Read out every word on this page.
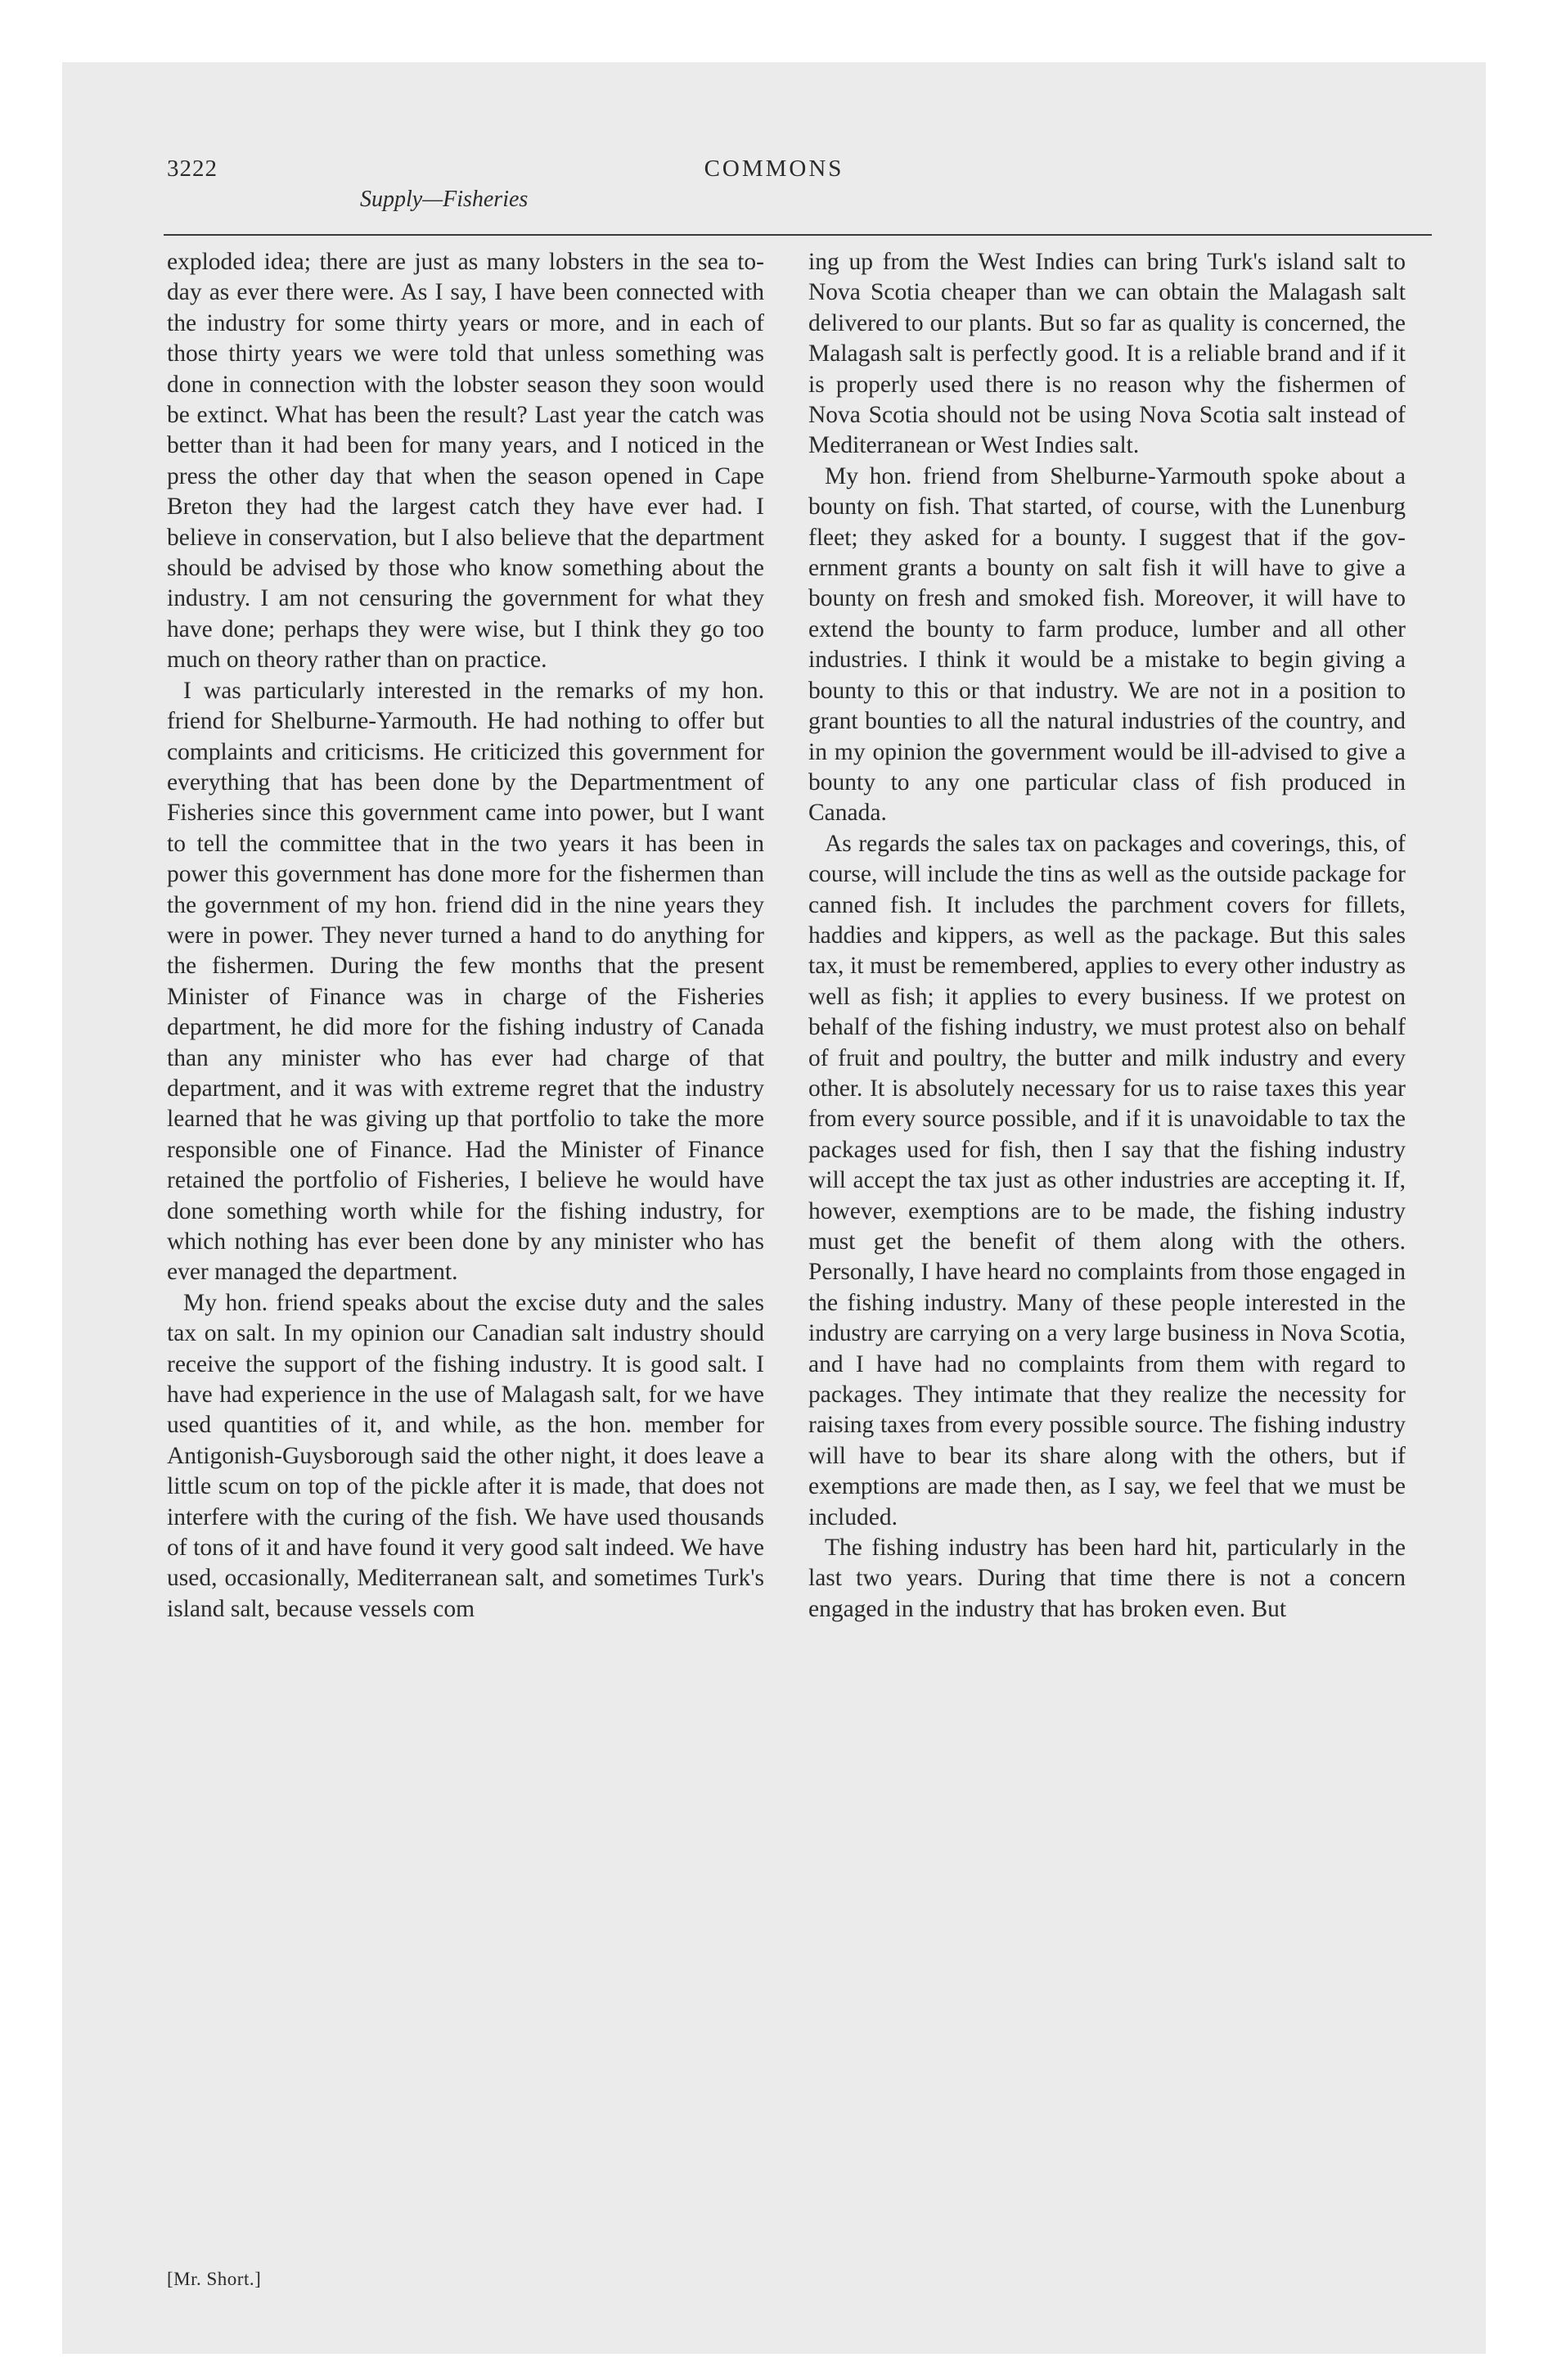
3222	COMMONS
Supply—Fisheries

exploded idea; there are just as many lobsters in the sea to-day as ever there were. As I say, I have been connected with the industry for some thirty years or more, and in each of those thirty years we were told that unless something was done in connection with the lobster season they soon would be extinct. What has been the result? Last year the catch was better than it had been for many years, and I noticed in the press the other day that when the season opened in Cape Breton they had the largest catch they have ever had. I believe in conservation, but I also believe that the department should be advised by those who know something about the industry. I am not censuring the government for what they have done; perhaps they were wise, but I think they go too much on theory rather than on practice.

I was particularly interested in the remarks of my hon. friend for Shelburne-Yarmouth. He had nothing to offer but complaints and criticisms. He criticized this government for everything that has been done by the Departmentment of Fisheries since this government came into power, but I want to tell the committee that in the two years it has been in power this government has done more for the fishermen than the government of my hon. friend did in the nine years they were in power. They never turned a hand to do anything for the fishermen. During the few months that the present Minister of Finance was in charge of the Fisheries department, he did more for the fishing industry of Canada than any minister who has ever had charge of that department, and it was with extreme regret that the industry learned that he was giving up that portfolio to take the more responsible one of Finance. Had the Minister of Finance retained the portfolio of Fisheries, I believe he would have done something worth while for the fishing industry, for which nothing has ever been done by any minister who has ever managed the department.

My hon. friend speaks about the excise duty and the sales tax on salt. In my opinion our Canadian salt industry should receive the support of the fishing industry. It is good salt. I have had experience in the use of Malagash salt, for we have used quantities of it, and while, as the hon. member for Antigonish-Guysborough said the other night, it does leave a little scum on top of the pickle after it is made, that does not interfere with the curing of the fish. We have used thousands of tons of it and have found it very good salt indeed. We have used, occasionally, Mediterranean salt, and sometimes Turk's island salt, because vessels com

ing up from the West Indies can bring Turk's island salt to Nova Scotia cheaper than we can obtain the Malagash salt delivered to our plants. But so far as quality is concerned, the Malagash salt is perfectly good. It is a reliable brand and if it is properly used there is no reason why the fishermen of Nova Scotia should not be using Nova Scotia salt instead of Mediterranean or West Indies salt.

My hon. friend from Shelburne-Yarmouth spoke about a bounty on fish. That started, of course, with the Lunenburg fleet; they asked for a bounty. I suggest that if the government grants a bounty on salt fish it will have to give a bounty on fresh and smoked fish. Moreover, it will have to extend the bounty to farm produce, lumber and all other industries. I think it would be a mistake to begin giving a bounty to this or that industry. We are not in a position to grant bounties to all the natural industries of the country, and in my opinion the government would be ill-advised to give a bounty to any one particular class of fish produced in Canada.

As regards the sales tax on packages and coverings, this, of course, will include the tins as well as the outside package for canned fish. It includes the parchment covers for fillets, haddies and kippers, as well as the package. But this sales tax, it must be remembered, applies to every other industry as well as fish; it applies to every business. If we protest on behalf of the fishing industry, we must protest also on behalf of fruit and poultry, the butter and milk industry and every other. It is absolutely necessary for us to raise taxes this year from every source possible, and if it is unavoidable to tax the packages used for fish, then I say that the fishing industry will accept the tax just as other industries are accepting it. If, however, exemptions are to be made, the fishing industry must get the benefit of them along with the others. Personally, I have heard no complaints from those engaged in the fishing industry. Many of these people interested in the industry are carrying on a very large business in Nova Scotia, and I have had no complaints from them with regard to packages. They intimate that they realize the necessity for raising taxes from every possible source. The fishing industry will have to bear its share along with the others, but if exemptions are made then, as I say, we feel that we must be included.

The fishing industry has been hard hit, particularly in the last two years. During that time there is not a concern engaged in the industry that has broken even. But

[Mr. Short.]
